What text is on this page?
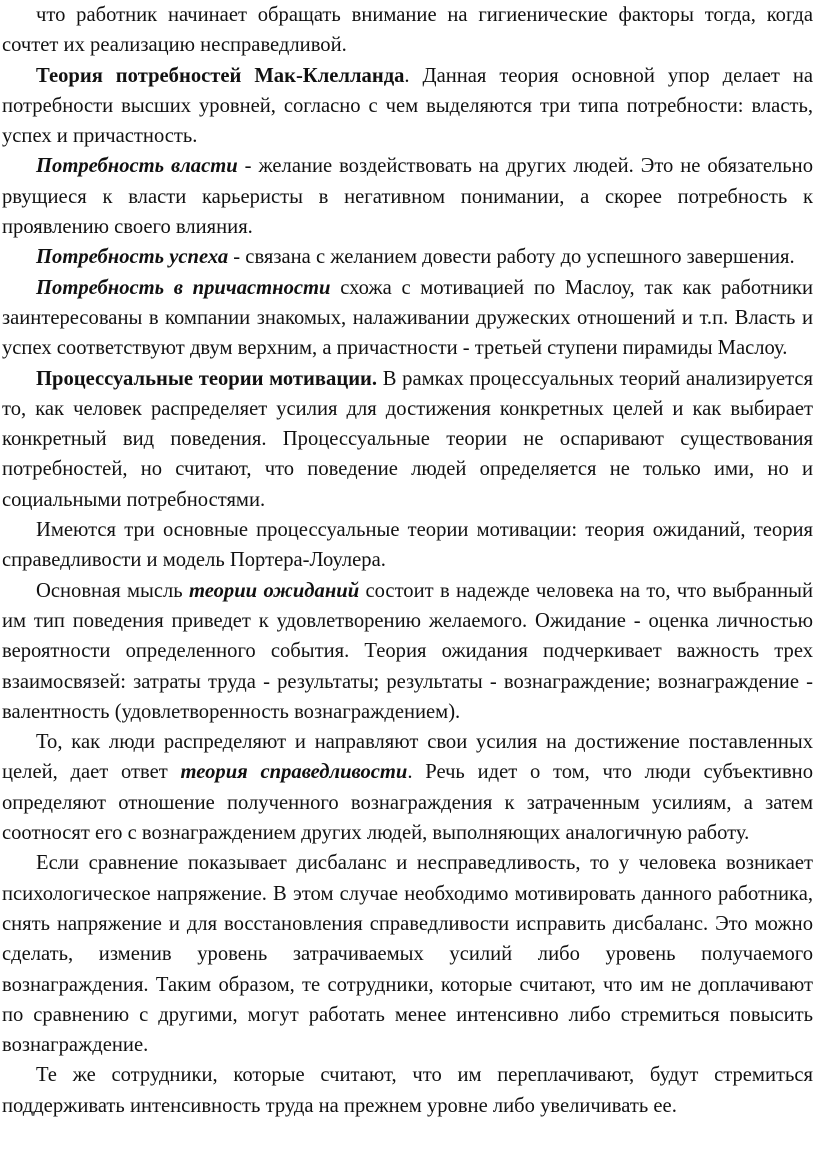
что работник начинает обращать внимание на гигиенические факторы тогда, когда сочтет их реализацию несправедливой.

Теория потребностей Мак-Клелланда. Данная теория основной упор делает на потребности высших уровней, согласно с чем выделяются три типа потребности: власть, успех и причастность.

Потребность власти - желание воздействовать на других людей. Это не обязательно рвущиеся к власти карьеристы в негативном понимании, а скорее потребность к проявлению своего влияния.

Потребность успеха - связана с желанием довести работу до успешного завершения.

Потребность в причастности схожа с мотивацией по Маслоу, так как работники заинтересованы в компании знакомых, налаживании дружеских отношений и т.п. Власть и успех соответствуют двум верхним, а причастности - третьей ступени пирамиды Маслоу.

Процессуальные теории мотивации. В рамках процессуальных теорий анализируется то, как человек распределяет усилия для достижения конкретных целей и как выбирает конкретный вид поведения. Процессуальные теории не оспаривают существования потребностей, но считают, что поведение людей определяется не только ими, но и социальными потребностями.

Имеются три основные процессуальные теории мотивации: теория ожиданий, теория справедливости и модель Портера-Лоулера.

Основная мысль теории ожиданий состоит в надежде человека на то, что выбранный им тип поведения приведет к удовлетворению желаемого. Ожидание - оценка личностью вероятности определенного события. Теория ожидания подчеркивает важность трех взаимосвязей: затраты труда - результаты; результаты - вознаграждение; вознаграждение - валентность (удовлетворенность вознаграждением).

То, как люди распределяют и направляют свои усилия на достижение поставленных целей, дает ответ теория справедливости. Речь идет о том, что люди субъективно определяют отношение полученного вознаграждения к затраченным усилиям, а затем соотносят его с вознаграждением других людей, выполняющих аналогичную работу.

Если сравнение показывает дисбаланс и несправедливость, то у человека возникает психологическое напряжение. В этом случае необходимо мотивировать данного работника, снять напряжение и для восстановления справедливости исправить дисбаланс. Это можно сделать, изменив уровень затрачиваемых усилий либо уровень получаемого вознаграждения. Таким образом, те сотрудники, которые считают, что им не доплачивают по сравнению с другими, могут работать менее интенсивно либо стремиться повысить вознаграждение.

Те же сотрудники, которые считают, что им переплачивают, будут стремиться поддерживать интенсивность труда на прежнем уровне либо увеличивать ее.
